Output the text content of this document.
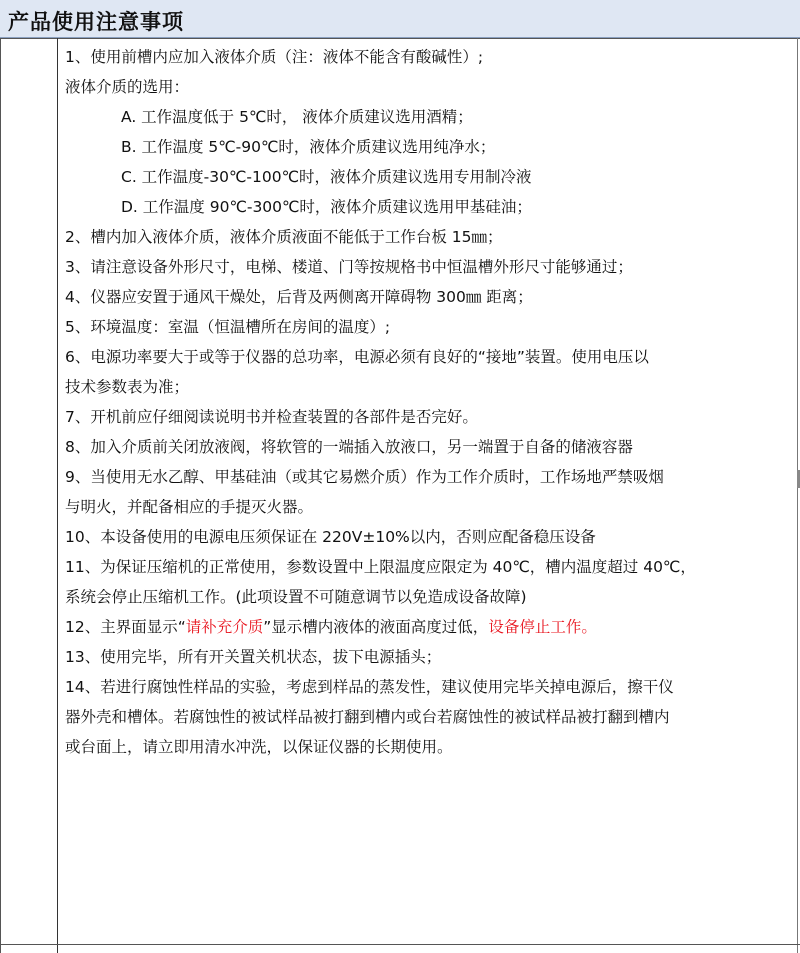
产品使用注意事项
1、使用前槽内应加入液体介质（注：液体不能含有酸碱性）;
液体介质的选用：
A. 工作温度低于 5℃时， 液体介质建议选用酒精；
B. 工作温度 5℃-90℃时，液体介质建议选用纯净水；
C. 工作温度-30℃-100℃时，液体介质建议选用专用制冷液
D. 工作温度 90℃-300℃时，液体介质建议选用甲基硅油；
2、槽内加入液体介质，液体介质液面不能低于工作台板 15㎜；
3、请注意设备外形尺寸，电梯、楼道、门等按规格书中恒温槽外形尺寸能够通过；
4、仪器应安置于通风干燥处，后背及两侧离开障碍物 300㎜ 距离；
5、环境温度：室温（恒温槽所在房间的温度）;
6、电源功率要大于或等于仪器的总功率，电源必须有良好的“接地”装置。使用电压以
技术参数表为准；
7、开机前应仔细阅读说明书并检查装置的各部件是否完好。
8、加入介质前关闭放液阀，将软管的一端插入放液口，另一端置于自备的储液容器
9、当使用无水乙醇、甲基硅油（或其它易燃介质）作为工作介质时，工作场地严禁吸烟
与明火，并配备相应的手提灭火器。
10、本设备使用的电源电压须保证在 220V±10%以内，否则应配备稳压设备
11、为保证压缩机的正常使用，参数设置中上限温度应限定为 40℃，槽内温度超过 40℃，
系统会停止压缩机工作。(此项设置不可随意调节以免造成设备故障)
12、主界面显示“请补充介质”显示槽内液体的液面高度过低，设备停止工作。
13、使用完毕，所有开关置关机状态，拔下电源插头；
14、若进行腐蚀性样品的实验，考虑到样品的蒸发性，建议使用完毕关掉电源后，擦干仪
器外壳和槽体。若腐蚀性的被试样品被打翻到槽内或台若腐蚀性的被试样品被打翻到槽内
或台面上，请立即用清水冲洗，以保证仪器的长期使用。
